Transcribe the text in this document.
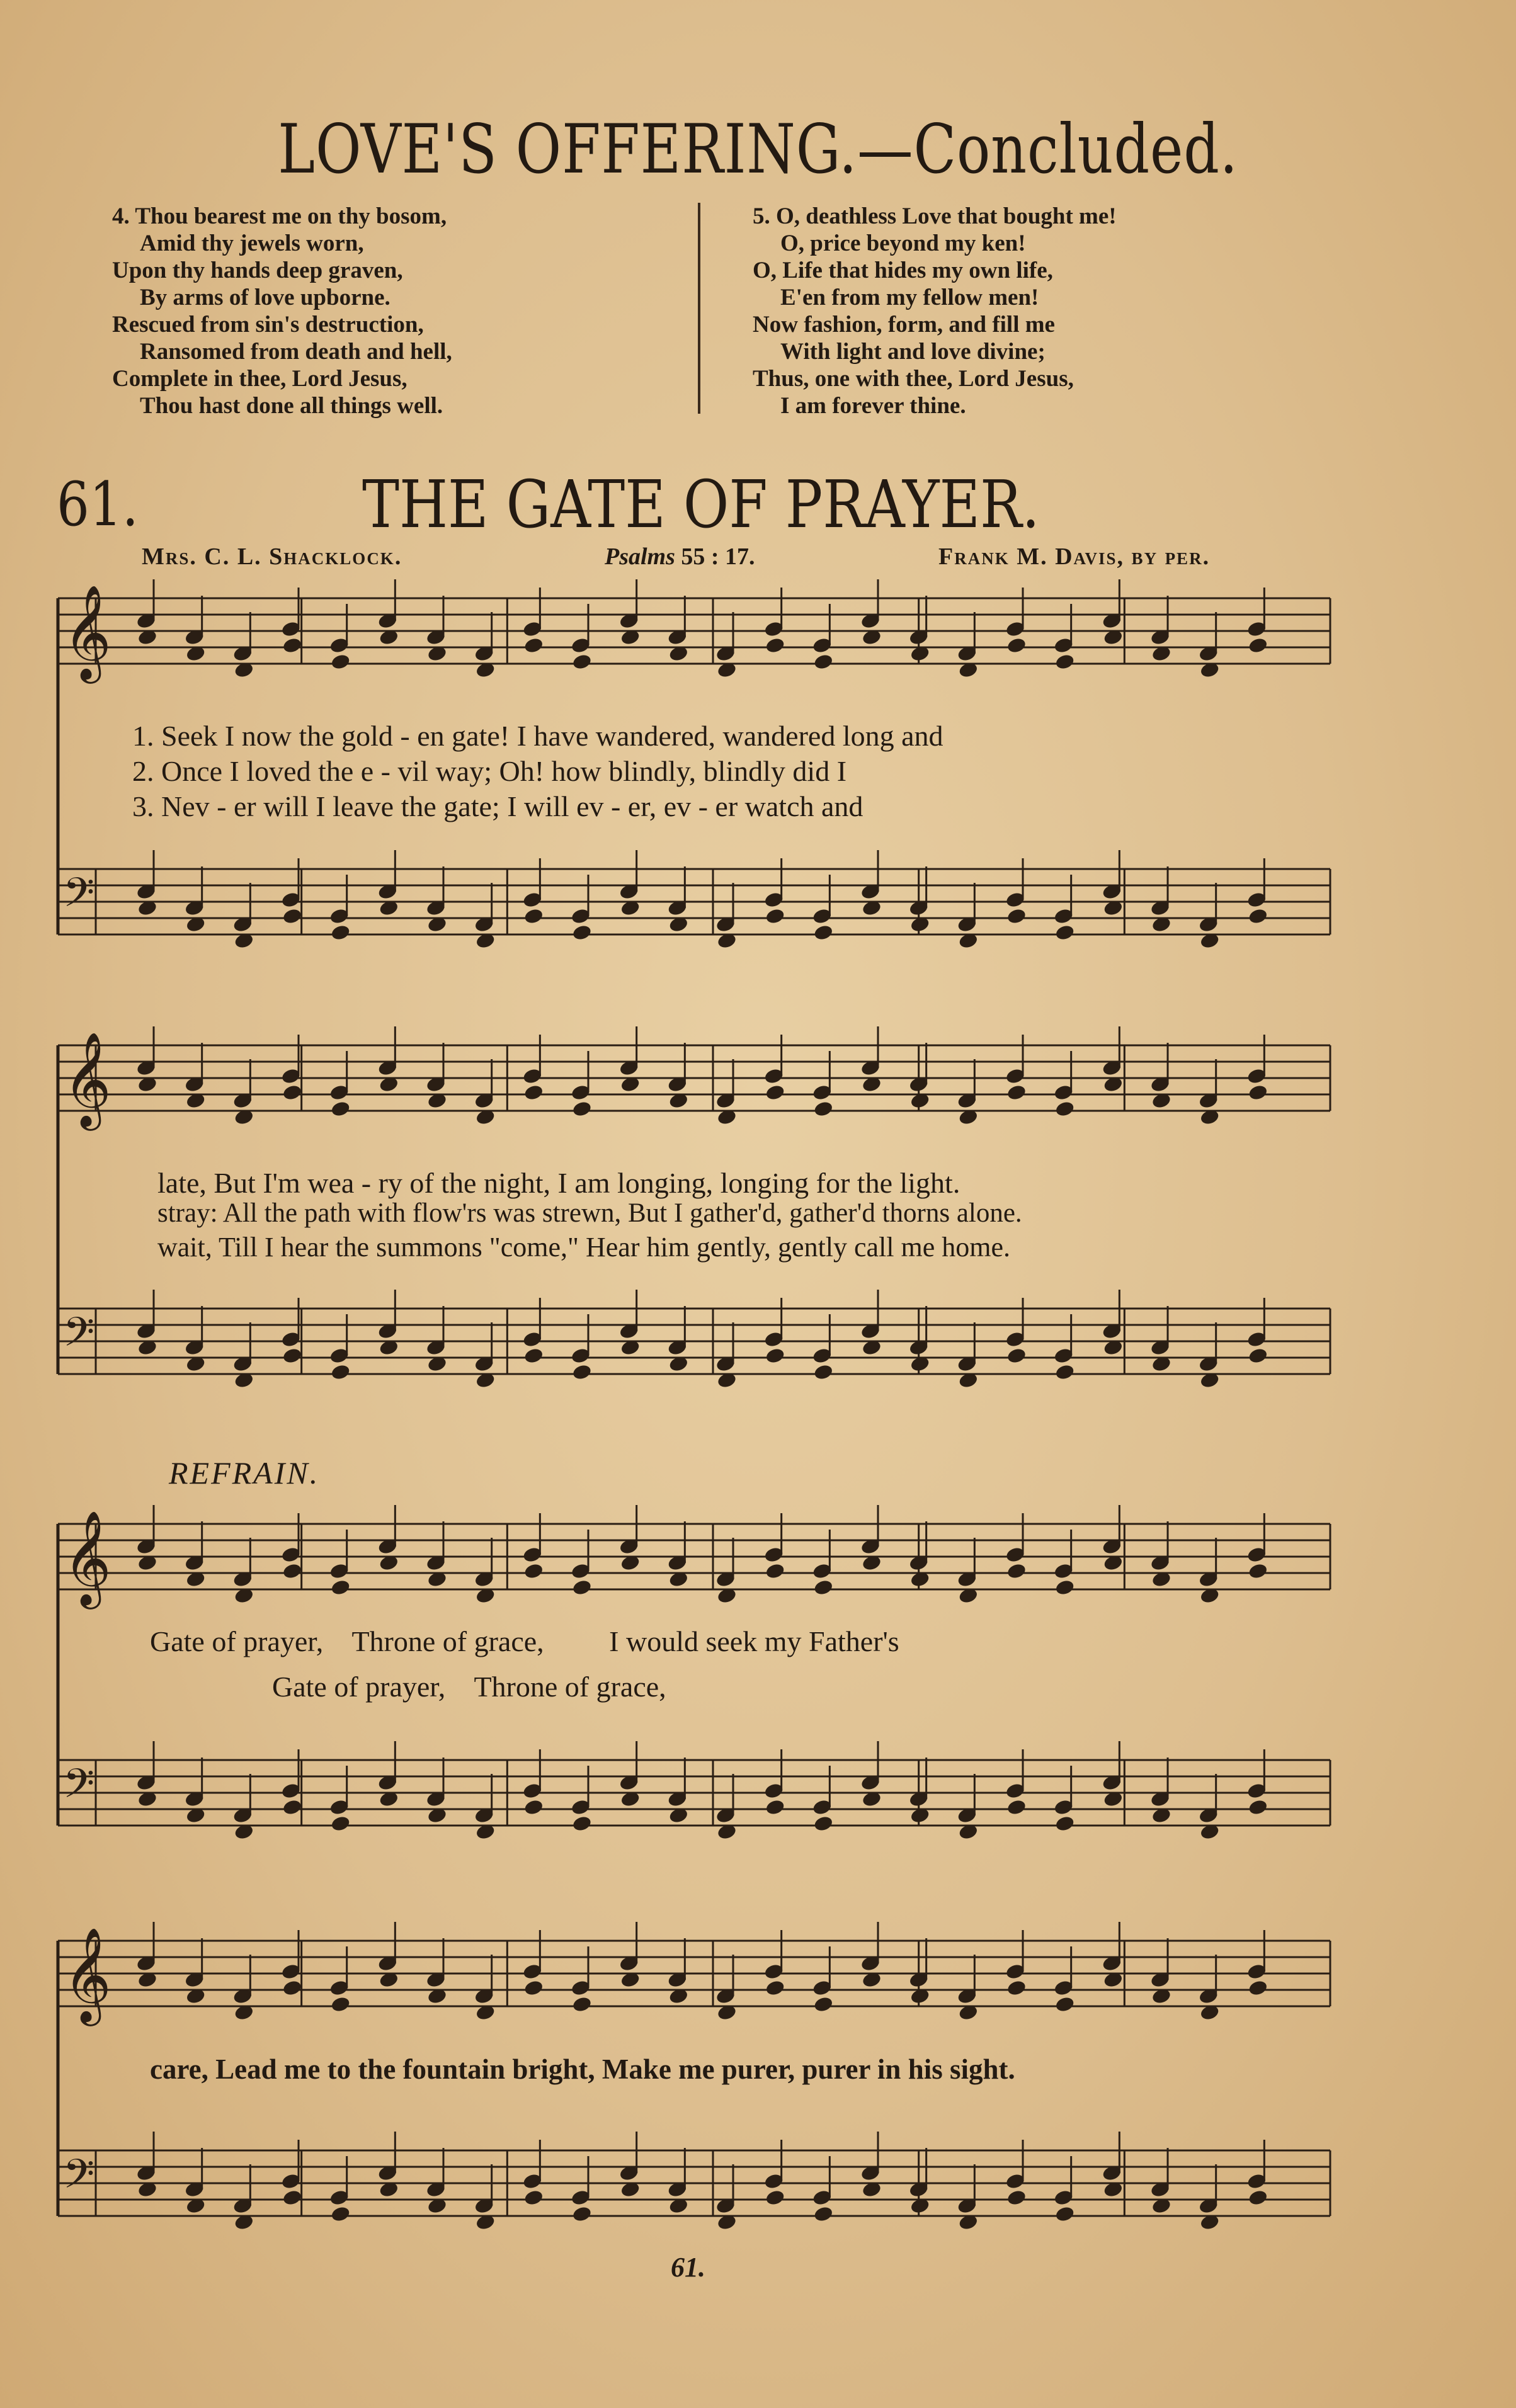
LOVE'S OFFERING.—Concluded.
4. Thou bearest me on thy bosom,
Amid thy jewels worn,
Upon thy hands deep graven,
By arms of love upborne.
Rescued from sin's destruction,
Ransomed from death and hell,
Complete in thee, Lord Jesus,
Thou hast done all things well.
5. O, deathless Love that bought me!
O, price beyond my ken!
O, Life that hides my own life,
E'en from my fellow men!
Now fashion, form, and fill me
With light and love divine;
Thus, one with thee, Lord Jesus,
I am forever thine.
61.	THE GATE OF PRAYER.
Mrs. C. L. Shacklock.	Psalms 55 : 17.	Frank M. Davis, by per.
𝄞
𝄢
𝄞
𝄢
𝄞
𝄢
𝄞
𝄢
1. Seek I now the gold - en gate! I have wandered, wandered long and
2. Once I loved the e - vil way; Oh! how blindly, blindly did I
3. Nev - er will I leave the gate; I will ev - er, ev - er watch and
late, But I'm wea - ry of the night, I am longing, longing for the light.
stray: All the path with flow'rs was strewn, But I gather'd, gather'd thorns alone.
wait, Till I hear the summons "come," Hear him gently, gently call me home.
REFRAIN.
Gate of prayer,    Throne of grace,         I would seek my Father's
Gate of prayer,    Throne of grace,
care, Lead me to the fountain bright, Make me purer, purer in his sight.
61.
